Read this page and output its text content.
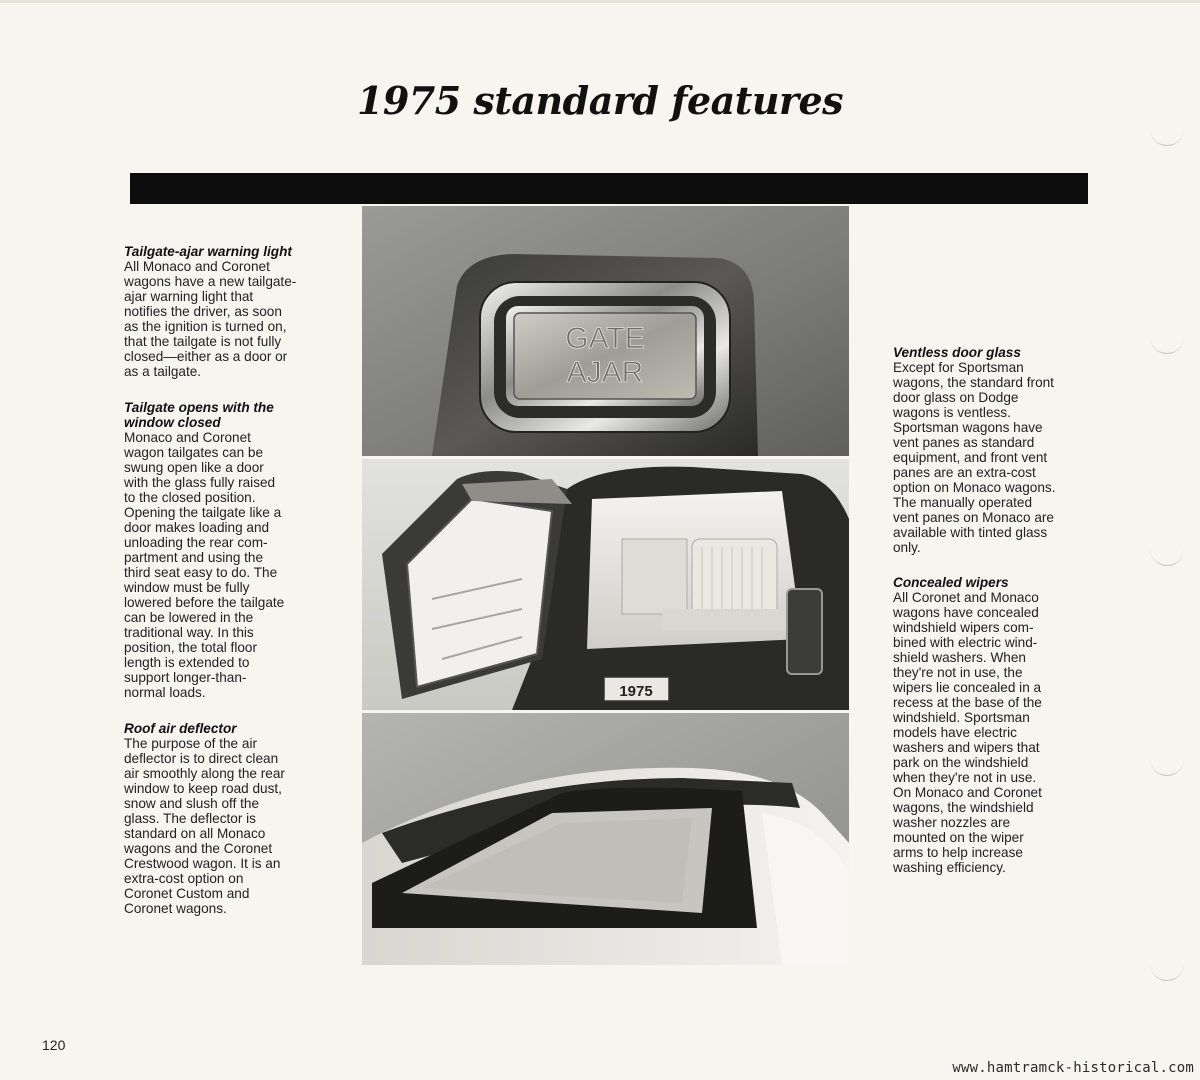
1975 standard features
Tailgate-ajar warning light

All Monaco and Coronet
wagons have a new tailgate-
ajar warning light that
notifies the driver, as soon
as the ignition is turned on,
that the tailgate is not fully
closed—either as a door or
as a tailgate.

Tailgate opens with the
window closed

Monaco and Coronet
wagon tailgates can be
swung open like a door
with the glass fully raised
to the closed position.
Opening the tailgate like a
door makes loading and
unloading the rear com-
partment and using the
third seat easy to do. The
window must be fully
lowered before the tailgate
can be lowered in the
traditional way. In this
position, the total floor
length is extended to
support longer-than-
normal loads.

Roof air deflector

The purpose of the air
deflector is to direct clean
air smoothly along the rear
window to keep road dust,
snow and slush off the
glass. The deflector is
standard on all Monaco
wagons and the Coronet
Crestwood wagon. It is an
extra-cost option on
Coronet Custom and
Coronet wagons.

GATE
AJAR
1975
Ventless door glass

Except for Sportsman
wagons, the standard front
door glass on Dodge
wagons is ventless.
Sportsman wagons have
vent panes as standard
equipment, and front vent
panes are an extra-cost
option on Monaco wagons.
The manually operated
vent panes on Monaco are
available with tinted glass
only.

Concealed wipers

All Coronet and Monaco
wagons have concealed
windshield wipers com-
bined with electric wind-
shield washers. When
they're not in use, the
wipers lie concealed in a
recess at the base of the
windshield. Sportsman
models have electric
washers and wipers that
park on the windshield
when they're not in use.
On Monaco and Coronet
wagons, the windshield
washer nozzles are
mounted on the wiper
arms to help increase
washing efficiency.

120
www.hamtramck-historical.com
